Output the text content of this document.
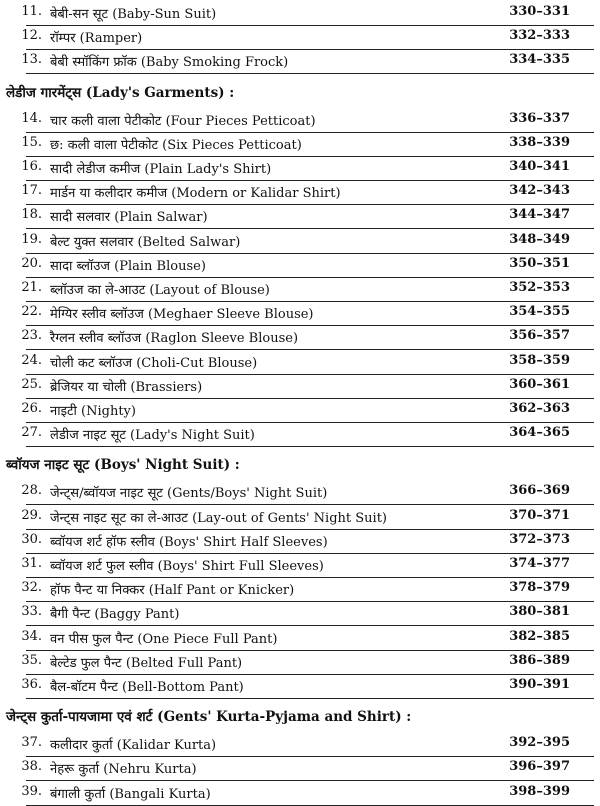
11. बेबी-सन सूट (Baby-Sun Suit)	330–331
12. रॉम्पर (Ramper)	332–333
13. बेबी स्मॉकिंग फ्रॉक (Baby Smoking Frock)	334–335
लेडीज गारमेंट्स (Lady's Garments) :
14. चार कली वाला पेटीकोट (Four Pieces Petticoat)	336–337
15. छ: कली वाला पेटीकोट (Six Pieces Petticoat)	338–339
16. सादी लेडीज कमीज (Plain Lady's Shirt)	340–341
17. मार्डन या कलीदार कमीज (Modern or Kalidar Shirt)	342–343
18. सादी सलवार (Plain Salwar)	344–347
19. बेल्ट युक्त सलवार (Belted Salwar)	348–349
20. सादा ब्लॉउज (Plain Blouse)	350–351
21. ब्लॉउज का ले-आउट (Layout of Blouse)	352–353
22. मेग्यिर स्लीव ब्लॉउज (Meghaer Sleeve Blouse)	354–355
23. रैग्लन स्लीव ब्लॉउज (Raglon Sleeve Blouse)	356–357
24. चोली कट ब्लॉउज (Choli-Cut Blouse)	358–359
25. ब्रेजियर या चोली (Brassiers)	360–361
26. नाइटी (Nighty)	362–363
27. लेडीज नाइट सूट (Lady's Night Suit)	364–365
ब्वॉयज नाइट सूट (Boys' Night Suit) :
28. जेन्ट्स/ब्वॉयज नाइट सूट (Gents/Boys' Night Suit)	366–369
29. जेन्ट्स नाइट सूट का ले-आउट (Lay-out of Gents' Night Suit)	370–371
30. ब्वॉयज शर्ट हॉफ स्लीव (Boys' Shirt Half Sleeves)	372–373
31. ब्वॉयज शर्ट फुल स्लीव (Boys' Shirt Full Sleeves)	374–377
32. हॉफ पैन्ट या निक्कर (Half Pant or Knicker)	378–379
33. बैगी पैन्ट (Baggy Pant)	380–381
34. वन पीस फुल पैन्ट (One Piece Full Pant)	382–385
35. बेल्टेड फुल पैन्ट (Belted Full Pant)	386–389
36. बैल-बॉटम पैन्ट (Bell-Bottom Pant)	390–391
जेन्ट्स कुर्ता-पायजामा एवं शर्ट (Gents' Kurta-Pyjama and Shirt) :
37. कलीदार कुर्ता (Kalidar Kurta)	392–395
38. नेहरू कुर्ता (Nehru Kurta)	396–397
39. बंगाली कुर्ता (Bangali Kurta)	398–399
